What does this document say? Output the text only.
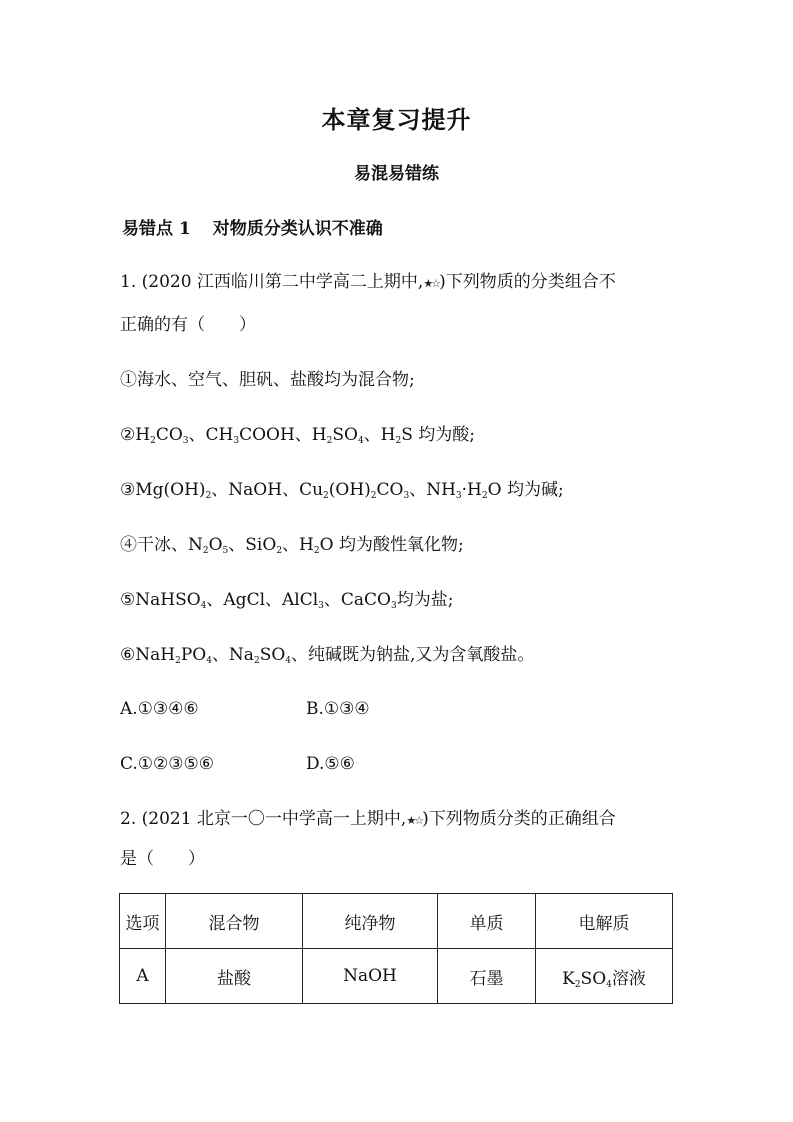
本章复习提升
易混易错练
易错点 1 对物质分类认识不准确
1. (2020 江西临川第二中学高二上期中,★☆)下列物质的分类组合不
正确的有（　　）
①海水、空气、胆矾、盐酸均为混合物;
$②H_2CO_3$、$CH_3COOH$、$H_2SO_4$、$H_2S$ 均为酸;
$③Mg(OH)_2$、NaOH、$Cu_2(OH)_2CO_3$、$NH_3\cdot H_2O$ 均为碱;
④干冰、$N_2O_5$、SiO$_2$、$H_2O$ 均为酸性氧化物;
⑤NaHSO$_4$、AgCl、AlCl$_3$、CaCO$_3$均为盐;
$⑥NaH_2PO_4$、$Na_2SO_4$、纯碱既为钠盐,又为含氧酸盐。
A.①③④⑥	B.①③④
C.①②③⑤⑥	D.⑤⑥
2. (2021 北京一〇一中学高一上期中,★☆)下列物质分类的正确组合
是（　　）
选项	混合物	纯净物	单质	电解质
A	盐酸	NaOH	石墨	$K_2SO_4$溶液
